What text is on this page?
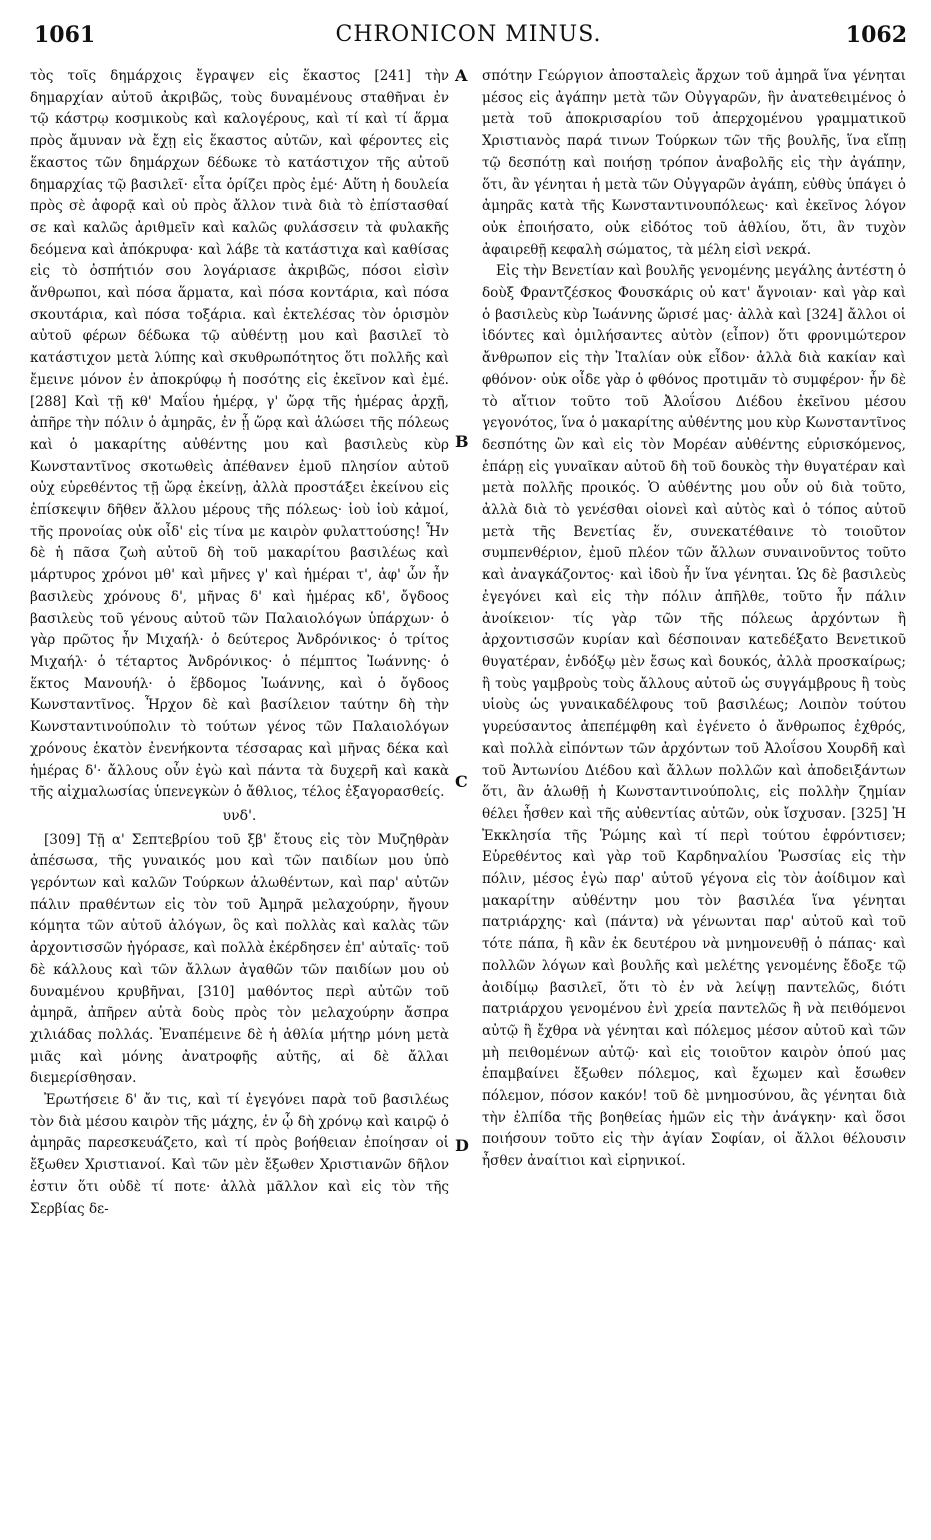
1061	CHRONICON MINUS.	1062
A
B
C
D

τὸς τοῖς δημάρχοις ἔγραψεν εἰς ἕκαστος [241] τὴν δημαρχίαν αὐτοῦ ἀκριβῶς, τοὺς δυναμένους σταθῆναι ἐν τῷ κάστρῳ κοσμικοὺς καὶ καλογέρους, καὶ τί καὶ τί ἅρμα πρὸς ἄμυναν νὰ ἔχῃ εἰς ἕκαστος αὐτῶν, καὶ φέροντες εἰς ἕκαστος τῶν δημάρχων δέδωκε τὸ κατάστιχον τῆς αὐτοῦ δημαρχίας τῷ βασιλεῖ· εἶτα ὁρίζει πρὸς ἐμέ· Αὕτη ἡ δουλεία πρὸς σὲ ἀφορᾷ καὶ οὐ πρὸς ἄλλον τινὰ διὰ τὸ ἐπίστασθαί σε καὶ καλῶς ἀριθμεῖν καὶ καλῶς φυλάσσειν τὰ φυλακῆς δεόμενα καὶ ἀπόκρυφα· καὶ λάβε τὰ κατάστιχα καὶ καθίσας εἰς τὸ ὀσπήτιόν σου λογάριασε ἀκριβῶς, πόσοι εἰσὶν ἄνθρωποι, καὶ πόσα ἅρματα, καὶ πόσα κοντάρια, καὶ πόσα σκουτάρια, καὶ πόσα τοξάρια. καὶ ἐκτελέσας τὸν ὁρισμὸν αὐτοῦ φέρων δέδωκα τῷ αὐθέντῃ μου καὶ βασιλεῖ τὸ κατάστιχον μετὰ λύπης καὶ σκυθρωπότητος ὅτι πολλῆς καὶ ἔμεινε μόνον ἐν ἀποκρύφῳ ἡ ποσότης εἰς ἐκεῖνον καὶ ἐμέ. [288] Καὶ τῇ κθ' Μαΐου ἡμέρᾳ, γ' ὥρᾳ τῆς ἡμέρας ἀρχῇ, ἀπῆρε τὴν πόλιν ὁ ἀμηρᾶς, ἐν ᾗ ὥρᾳ καὶ ἁλώσει τῆς πόλεως καὶ ὁ μακαρίτης αὐθέντης μου καὶ βασιλεὺς κὺρ Κωνσταντῖνος σκοτωθεὶς ἀπέθανεν ἐμοῦ πλησίον αὐτοῦ οὐχ εὑρεθέντος τῇ ὥρᾳ ἐκείνῃ, ἀλλὰ προστάξει ἐκείνου εἰς ἐπίσκεψιν δῆθεν ἄλλου μέρους τῆς πόλεως· ἰοὺ ἰοὺ κἀμοί, τῆς προνοίας οὐκ οἶδ' εἰς τίνα με καιρὸν φυλαττούσης! Ἦν δὲ ἡ πᾶσα ζωὴ αὐτοῦ δὴ τοῦ μακαρίτου βασιλέως καὶ μάρτυρος χρόνοι μθ' καὶ μῆνες γ' καὶ ἡμέραι τ', ἀφ' ὧν ἦν βασιλεὺς χρόνους δ', μῆνας δ' καὶ ἡμέρας κδ', ὄγδοος βασιλεὺς τοῦ γένους αὐτοῦ τῶν Παλαιολόγων ὑπάρχων· ὁ γὰρ πρῶτος ἦν Μιχαήλ· ὁ δεύτερος Ἀνδρόνικος· ὁ τρίτος Μιχαήλ· ὁ τέταρτος Ἀνδρόνικος· ὁ πέμπτος Ἰωάννης· ὁ ἕκτος Μανουήλ· ὁ ἕβδομος Ἰωάννης, καὶ ὁ ὄγδοος Κωνσταντῖνος. Ἦρχον δὲ καὶ βασίλειον ταύτην δὴ τὴν Κωνσταντινούπολιν τὸ τούτων γένος τῶν Παλαιολόγων χρόνους ἑκατὸν ἐνενήκοντα τέσσαρας καὶ μῆνας δέκα καὶ ἡμέρας δ'· ἄλλους οὖν ἐγὼ καὶ πάντα τὰ δυχερῆ καὶ κακὰ τῆς αἰχμαλωσίας ὑπενεγκὼν ὁ ἄθλιος, τέλος ἐξαγορασθείς.

υνδ'.

[309] Τῇ α' Σεπτεβρίου τοῦ ξβ' ἔτους εἰς τὸν Μυζηθρὰν ἀπέσωσα, τῆς γυναικός μου καὶ τῶν παιδίων μου ὑπὸ γερόντων καὶ καλῶν Τούρκων ἁλωθέντων, καὶ παρ' αὐτῶν πάλιν πραθέντων εἰς τὸν τοῦ Ἀμηρᾶ μελαχούρην, ἤγουν κόμητα τῶν αὐτοῦ ἀλόγων, ὃς καὶ πολλὰς καὶ καλὰς τῶν ἀρχοντισσῶν ἠγόρασε, καὶ πολλὰ ἐκέρδησεν ἐπ' αὐταῖς· τοῦ δὲ κάλλους καὶ τῶν ἄλλων ἀγαθῶν τῶν παιδίων μου οὐ δυναμένου κρυβῆναι, [310] μαθόντος περὶ αὐτῶν τοῦ ἀμηρᾶ, ἀπῆρεν αὐτὰ δοὺς πρὸς τὸν μελαχούρην ἄσπρα χιλιάδας πολλάς. Ἐναπέμεινε δὲ ἡ ἀθλία μήτηρ μόνη μετὰ μιᾶς καὶ μόνης ἀνατροφῆς αὐτῆς, αἱ δὲ ἄλλαι διεμερίσθησαν.

Ἐρωτήσειε δ' ἄν τις, καὶ τί ἐγεγόνει παρὰ τοῦ βασιλέως τὸν διὰ μέσου καιρὸν τῆς μάχης, ἐν ᾧ δὴ χρόνῳ καὶ καιρῷ ὁ ἀμηρᾶς παρεσκευάζετο, καὶ τί πρὸς βοήθειαν ἐποίησαν οἱ ἔξωθεν Χριστιανοί. Καὶ τῶν μὲν ἔξωθεν Χριστιανῶν δῆλον ἐστιν ὅτι οὐδὲ τί ποτε· ἀλλὰ μᾶλλον καὶ εἰς τὸν τῆς Σερβίας δε-

σπότην Γεώργιον ἀποσταλεὶς ἄρχων τοῦ ἀμηρᾶ ἵνα γένηται μέσος εἰς ἀγάπην μετὰ τῶν Οὐγγαρῶν, ἣν ἀνατεθειμένος ὁ μετὰ τοῦ ἀποκρισαρίου τοῦ ἀπερχομένου γραμματικοῦ Χριστιανὸς παρά τινων Τούρκων τῶν τῆς βουλῆς, ἵνα εἴπῃ τῷ δεσπότῃ καὶ ποιήσῃ τρόπον ἀναβολῆς εἰς τὴν ἀγάπην, ὅτι, ἂν γένηται ἡ μετὰ τῶν Οὐγγαρῶν ἀγάπη, εὐθὺς ὑπάγει ὁ ἀμηρᾶς κατὰ τῆς Κωνσταντινουπόλεως· καὶ ἐκεῖνος λόγον οὐκ ἐποιήσατο, οὐκ εἰδότος τοῦ ἀθλίου, ὅτι, ἂν τυχὸν ἀφαιρεθῇ κεφαλὴ σώματος, τὰ μέλη εἰσὶ νεκρά.

Εἰς τὴν Βενετίαν καὶ βουλῆς γενομένης μεγάλης ἀντέστη ὁ δοὺξ Φραντζέσκος Φουσκάρις οὐ κατ' ἄγνοιαν· καὶ γὰρ καὶ ὁ βασιλεὺς κὺρ Ἰωάννης ὥρισέ μας· ἀλλὰ καὶ [324] ἄλλοι οἱ ἰδόντες καὶ ὁμιλήσαντες αὐτὸν (εἶπον) ὅτι φρονιμώτερον ἄνθρωπον εἰς τὴν Ἰταλίαν οὐκ εἶδον· ἀλλὰ διὰ κακίαν καὶ φθόνον· οὐκ οἶδε γὰρ ὁ φθόνος προτιμᾶν τὸ συμφέρον· ἦν δὲ τὸ αἴτιον τοῦτο τοῦ Ἀλοΐσου Διέδου ἐκεῖνου μέσου γεγονότος, ἵνα ὁ μακαρίτης αὐθέντης μου κὺρ Κωνσταντῖνος δεσπότης ὢν καὶ εἰς τὸν Μορέαν αὐθέντης εὑρισκόμενος, ἐπάρῃ εἰς γυναῖκαν αὐτοῦ δὴ τοῦ δουκὸς τὴν θυγατέραν καὶ μετὰ πολλῆς προικός. Ὁ αὐθέντης μου οὖν οὐ διὰ τοῦτο, ἀλλὰ διὰ τὸ γενέσθαι οἱονεὶ καὶ αὐτὸς καὶ ὁ τόπος αὐτοῦ μετὰ τῆς Βενετίας ἕν, συνεκατέθαινε τὸ τοιοῦτον συμπενθέριον, ἐμοῦ πλέον τῶν ἄλλων συναινοῦντος τοῦτο καὶ ἀναγκάζοντος· καὶ ἰδοὺ ἦν ἵνα γένηται. Ὡς δὲ βασιλεὺς ἐγεγόνει καὶ εἰς τὴν πόλιν ἀπῆλθε, τοῦτο ἦν πάλιν ἀνοίκειον· τίς γὰρ τῶν τῆς πόλεως ἀρχόντων ἢ ἀρχοντισσῶν κυρίαν καὶ δέσποιναν κατεδέξατο Βενετικοῦ θυγατέραν, ἐνδόξῳ μὲν ἔσως καὶ δουκός, ἀλλὰ προσκαίρως; ἢ τοὺς γαμβροὺς τοὺς ἄλλους αὐτοῦ ὡς συγγάμβρους ἢ τοὺς υἱοὺς ὡς γυναικαδέλφους τοῦ βασιλέως; Λοιπὸν τούτου γυρεύσαντος ἀπεπέμφθη καὶ ἐγένετο ὁ ἄνθρωπος ἐχθρός, καὶ πολλὰ εἰπόντων τῶν ἀρχόντων τοῦ Ἀλοΐσου Χουρδῆ καὶ τοῦ Ἀντωνίου Διέδου καὶ ἄλλων πολλῶν καὶ ἀποδειξάντων ὅτι, ἂν ἁλωθῇ ἡ Κωνσταντινούπολις, εἰς πολλὴν ζημίαν θέλει ἦσθεν καὶ τῆς αὐθεντίας αὐτῶν, οὐκ ἴσχυσαν. [325] Ἡ Ἐκκλησία τῆς Ῥώμης καὶ τί περὶ τούτου ἐφρόντισεν; Εὑρεθέντος καὶ γὰρ τοῦ Καρδηναλίου Ῥωσσίας εἰς τὴν πόλιν, μέσος ἐγὼ παρ' αὐτοῦ γέγονα εἰς τὸν ἀοίδιμον καὶ μακαρίτην αὐθέντην μου τὸν βασιλέα ἵνα γένηται πατριάρχης· καὶ (πάντα) νὰ γένωνται παρ' αὐτοῦ καὶ τοῦ τότε πάπα, ἢ κἂν ἐκ δευτέρου νὰ μνημονευθῇ ὁ πάπας· καὶ πολλῶν λόγων καὶ βουλῆς καὶ μελέτης γενομένης ἔδοξε τῷ ἀοιδίμῳ βασιλεῖ, ὅτι τὸ ἐν νὰ λείψῃ παντελῶς, διότι πατριάρχου γενομένου ἐνὶ χρεία παντελῶς ἢ νὰ πειθόμενοι αὐτῷ ἢ ἔχθρα νὰ γένηται καὶ πόλεμος μέσον αὐτοῦ καὶ τῶν μὴ πειθομένων αὐτῷ· καὶ εἰς τοιοῦτον καιρὸν ὁπού μας ἐπαμβαίνει ἔξωθεν πόλεμος, καὶ ἔχωμεν καὶ ἔσωθεν πόλεμον, πόσον κακόν! τοῦ δὲ μνημοσύνου, ἂς γένηται διὰ τὴν ἐλπίδα τῆς βοηθείας ἡμῶν εἰς τὴν ἀνάγκην· καὶ ὅσοι ποιήσουν τοῦτο εἰς τὴν ἁγίαν Σοφίαν, οἱ ἄλλοι θέλουσιν ἦσθεν ἀναίτιοι καὶ εἰρηνικοί.
